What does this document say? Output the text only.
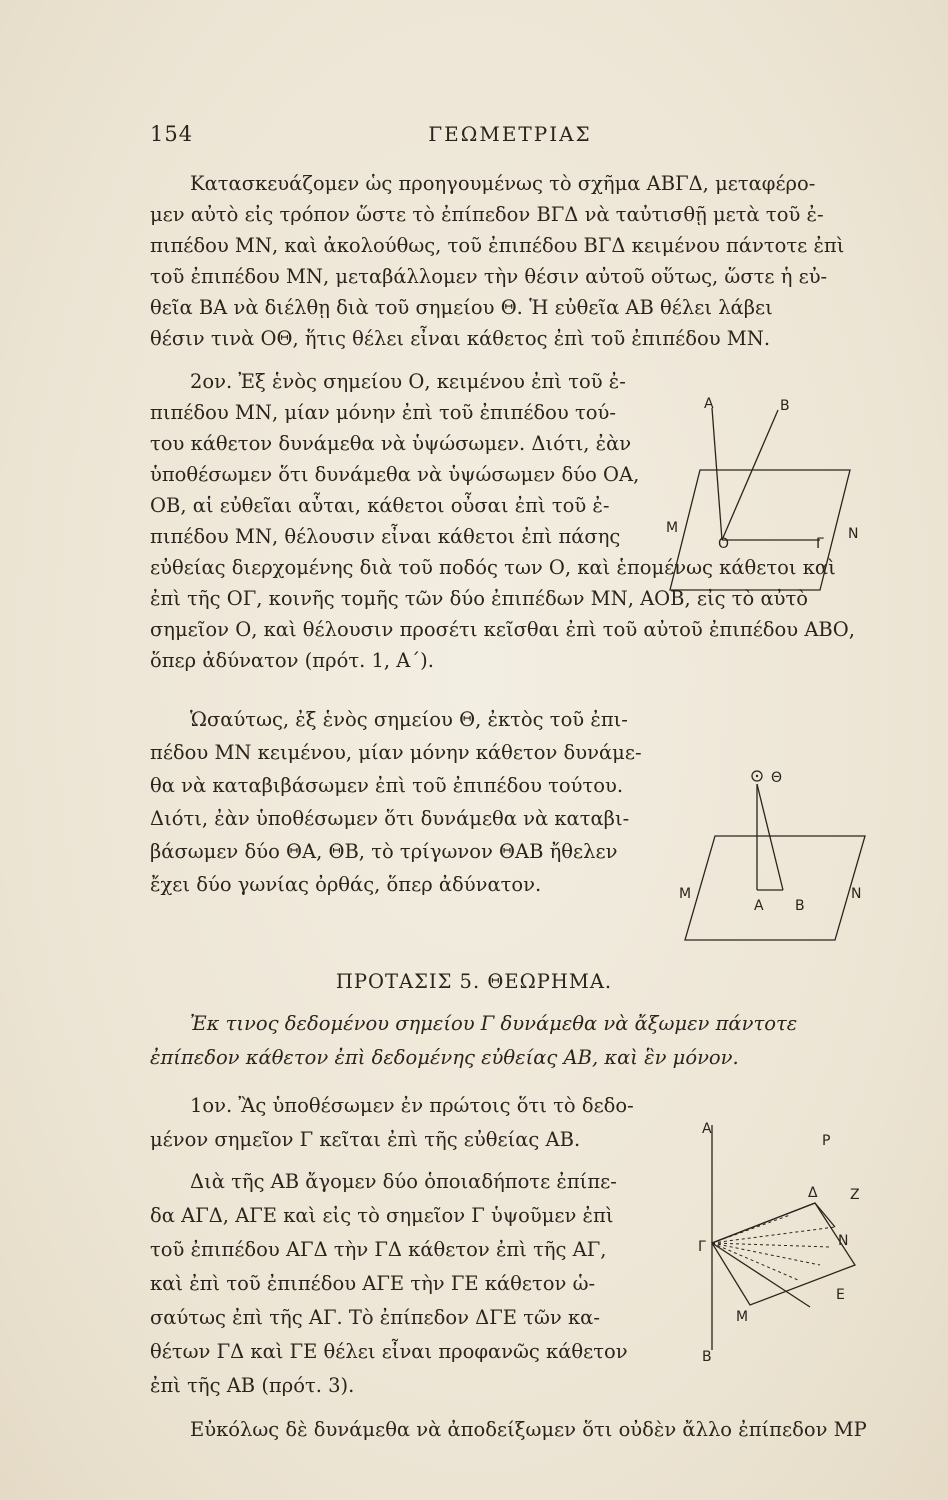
154	ΓΕΩΜΕΤΡΙΑΣ
Κατασκευάζομεν ὡς προηγουμένως τὸ σχῆμα ΑΒΓΔ, μεταφέρο-
μεν αὐτὸ εἰς τρόπον ὥστε τὸ ἐπίπεδον ΒΓΔ νὰ ταὐτισθῇ μετὰ τοῦ ἐ-
πιπέδου ΜΝ, καὶ ἀκολούθως, τοῦ ἐπιπέδου ΒΓΔ κειμένου πάντοτε ἐπὶ
τοῦ ἐπιπέδου ΜΝ, μεταβάλλομεν τὴν θέσιν αὐτοῦ οὕτως, ὥστε ἡ εὐ-
θεῖα ΒΑ νὰ διέλθῃ διὰ τοῦ σημείου Θ. Ἡ εὐθεῖα ΑΒ θέλει λάβει
θέσιν τινὰ ΟΘ, ἥτις θέλει εἶναι κάθετος ἐπὶ τοῦ ἐπιπέδου ΜΝ.
2ον. Ἐξ ἑνὸς σημείου Ο, κειμένου ἐπὶ τοῦ ἐ-
πιπέδου ΜΝ, μίαν μόνην ἐπὶ τοῦ ἐπιπέδου τού-
του κάθετον δυνάμεθα νὰ ὑψώσωμεν. Διότι, ἐὰν
ὑποθέσωμεν ὅτι δυνάμεθα νὰ ὑψώσωμεν δύο ΟΑ,
ΟΒ, αἱ εὐθεῖαι αὗται, κάθετοι οὖσαι ἐπὶ τοῦ ἐ-
πιπέδου ΜΝ, θέλουσιν εἶναι κάθετοι ἐπὶ πάσης
εὐθείας διερχομένης διὰ τοῦ ποδός των Ο, καὶ ἑπομένως κάθετοι καὶ
ἐπὶ τῆς ΟΓ, κοινῆς τομῆς τῶν δύο ἐπιπέδων ΜΝ, ΑΟΒ, εἰς τὸ αὐτὸ
σημεῖον Ο, καὶ θέλουσιν προσέτι κεῖσθαι ἐπὶ τοῦ αὐτοῦ ἐπιπέδου ΑΒΟ,
ὅπερ ἀδύνατον (πρότ. 1, Α΄).
Α	Β
Μ
Ο	Γ
Ν
Ὡσαύτως, ἐξ ἑνὸς σημείου Θ, ἐκτὸς τοῦ ἐπι-
πέδου ΜΝ κειμένου, μίαν μόνην κάθετον δυνάμε-
θα νὰ καταβιβάσωμεν ἐπὶ τοῦ ἐπιπέδου τούτου.
Διότι, ἐὰν ὑποθέσωμεν ὅτι δυνάμεθα νὰ καταβι-
βάσωμεν δύο ΘΑ, ΘΒ, τὸ τρίγωνον ΘΑΒ ἤθελεν
ἔχει δύο γωνίας ὀρθάς, ὅπερ ἀδύνατον.
Θ
Μ
Α Β
Ν
ΠΡΟΤΑΣΙΣ 5. ΘΕΩΡΗΜΑ.
Ἐκ τινος δεδομένου σημείου Γ δυνάμεθα νὰ ἄξωμεν πάντοτε
ἐπίπεδον κάθετον ἐπὶ δεδομένης εὐθείας ΑΒ, καὶ ἓν μόνον.
1ον. Ἂς ὑποθέσωμεν ἐν πρώτοις ὅτι τὸ δεδο-
μένον σημεῖον Γ κεῖται ἐπὶ τῆς εὐθείας ΑΒ.
Διὰ τῆς ΑΒ ἄγομεν δύο ὁποιαδήποτε ἐπίπε-
δα ΑΓΔ, ΑΓΕ καὶ εἰς τὸ σημεῖον Γ ὑψοῦμεν ἐπὶ
τοῦ ἐπιπέδου ΑΓΔ τὴν ΓΔ κάθετον ἐπὶ τῆς ΑΓ,
καὶ ἐπὶ τοῦ ἐπιπέδου ΑΓΕ τὴν ΓΕ κάθετον ὡ-
σαύτως ἐπὶ τῆς ΑΓ. Τὸ ἐπίπεδον ΔΓΕ τῶν κα-
θέτων ΓΔ καὶ ΓΕ θέλει εἶναι προφανῶς κάθετον
ἐπὶ τῆς ΑΒ (πρότ. 3).
Α
Ρ
Δ Ζ
Γ	Ν
Ε
Μ
Β
Εὐκόλως δὲ δυνάμεθα νὰ ἀποδείξωμεν ὅτι οὐδὲν ἄλλο ἐπίπεδον ΜΡ
